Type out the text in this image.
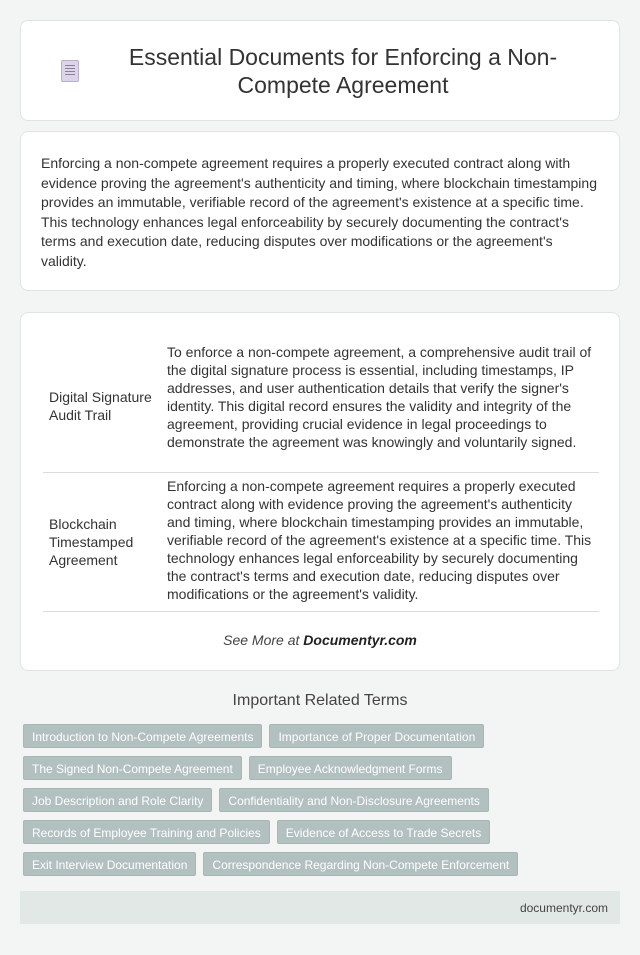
Essential Documents for Enforcing a Non-Compete Agreement

Enforcing a non-compete agreement requires a properly executed contract along with evidence proving the agreement's authenticity and timing, where blockchain timestamping provides an immutable, verifiable record of the agreement's existence at a specific time. This technology enhances legal enforceability by securely documenting the contract's terms and execution date, reducing disputes over modifications or the agreement's validity.

Digital Signature Audit Trail
To enforce a non-compete agreement, a comprehensive audit trail of the digital signature process is essential, including timestamps, IP addresses, and user authentication details that verify the signer's identity. This digital record ensures the validity and integrity of the agreement, providing crucial evidence in legal proceedings to demonstrate the agreement was knowingly and voluntarily signed.
Blockchain Timestamped Agreement
Enforcing a non-compete agreement requires a properly executed contract along with evidence proving the agreement's authenticity and timing, where blockchain timestamping provides an immutable, verifiable record of the agreement's existence at a specific time. This technology enhances legal enforceability by securely documenting the contract's terms and execution date, reducing disputes over modifications or the agreement's validity.
See More at Documentyr.com
Important Related Terms
Introduction to Non-Compete Agreements	Importance of Proper Documentation
The Signed Non-Compete Agreement	Employee Acknowledgment Forms
Job Description and Role Clarity	Confidentiality and Non-Disclosure Agreements
Records of Employee Training and Policies	Evidence of Access to Trade Secrets
Exit Interview Documentation	Correspondence Regarding Non-Compete Enforcement
documentyr.com
